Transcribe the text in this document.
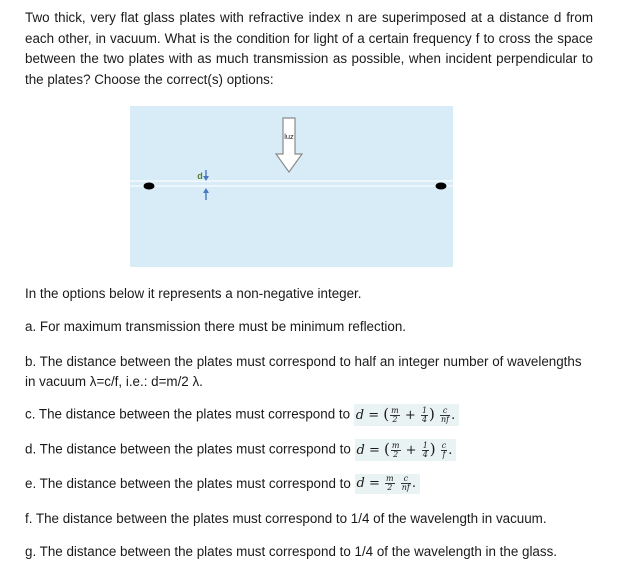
Two thick, very flat glass plates with refractive index n are superimposed at a distance d from each other, in vacuum. What is the condition for light of a certain frequency f to cross the space between the two plates with as much transmission as possible, when incident perpendicular to the plates? Choose the correct(s) options:
luz
d
In the options below it represents a non-negative integer.
a. For maximum transmission there must be minimum reflection.
b. The distance between the plates must correspond to half an integer number of wavelengths in vacuum λ=c/f, i.e.: d=m/2 λ.
c. The distance between the plates must correspond to d = ( $\frac{m}{2} + \frac{1}{4}$ ) $\frac{c}{nf}$ .
d. The distance between the plates must correspond to d = ( $\frac{m}{2} + \frac{1}{4}$ ) $\frac{c}{f}$ .
e. The distance between the plates must correspond to $d = \frac{m}{2}$
$\frac{c}{nf}$ .
f. The distance between the plates must correspond to 1/4 of the wavelength in vacuum.
g. The distance between the plates must correspond to 1/4 of the wavelength in the glass.
